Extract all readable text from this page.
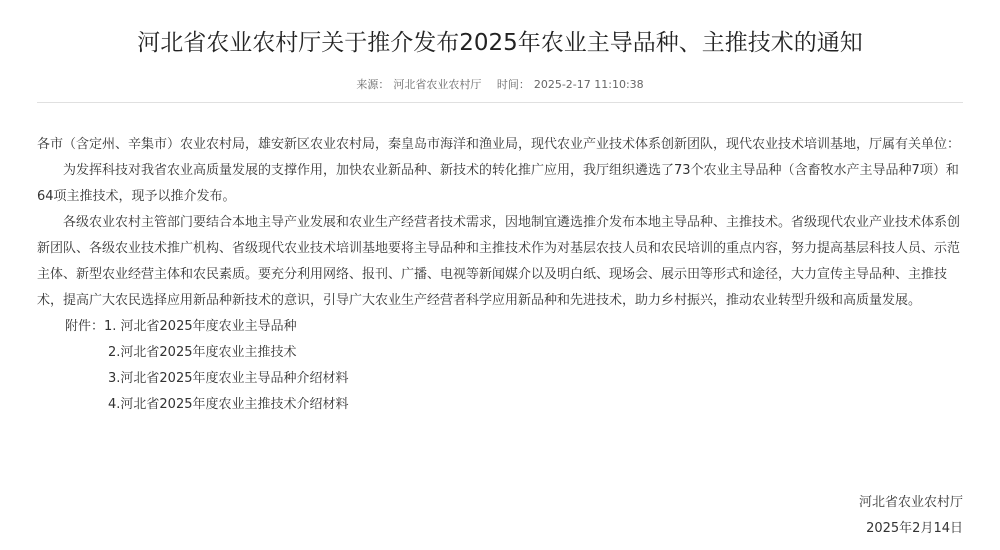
河北省农业农村厅关于推介发布2025年农业主导品种、主推技术的通知
来源： 河北省农业农村厅 时间： 2025-2-17 11:10:38

各市（含定州、辛集市）农业农村局，雄安新区农业农村局，秦皇岛市海洋和渔业局，现代农业产业技术体系创新团队，现代农业技术培训基地，厅属有关单位：

为发挥科技对我省农业高质量发展的支撑作用，加快农业新品种、新技术的转化推广应用，我厅组织遴选了73个农业主导品种（含畜牧水产主导品种7项）和64项主推技术，现予以推介发布。

各级农业农村主管部门要结合本地主导产业发展和农业生产经营者技术需求，因地制宜遴选推介发布本地主导品种、主推技术。省级现代农业产业技术体系创新团队、各级农业技术推广机构、省级现代农业技术培训基地要将主导品种和主推技术作为对基层农技人员和农民培训的重点内容，努力提高基层科技人员、示范主体、新型农业经营主体和农民素质。要充分利用网络、报刊、广播、电视等新闻媒介以及明白纸、现场会、展示田等形式和途径，大力宣传主导品种、主推技术，提高广大农民选择应用新品种新技术的意识，引导广大农业生产经营者科学应用新品种和先进技术，助力乡村振兴，推动农业转型升级和高质量发展。

附件： 1. 河北省2025年度农业主导品种
2.河北省2025年度农业主推技术
3.河北省2025年度农业主导品种介绍材料
4.河北省2025年度农业主推技术介绍材料
河北省农业农村厅
2025年2月14日
